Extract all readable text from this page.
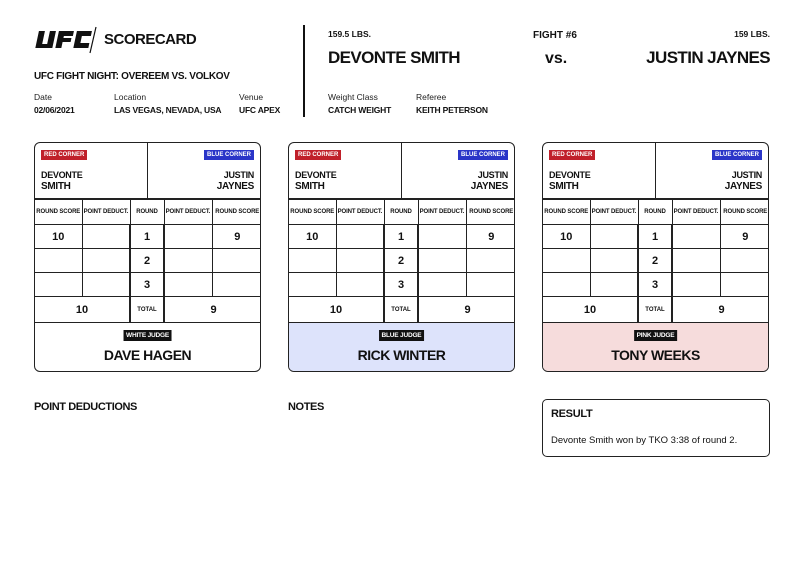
SCORECARD
UFC FIGHT NIGHT: OVEREEM VS. VOLKOV
Date
02/06/2021
Location
LAS VEGAS, NEVADA, USA
Venue
UFC APEX
159.5 LBS.
DEVONTE SMITH
FIGHT #6
vs.
159 LBS.
JUSTIN JAYNES
Weight Class
CATCH WEIGHT
Referee
KEITH PETERSON
RED CORNER
DEVONTE
SMITH
BLUE CORNER
JUSTIN
JAYNES
ROUND SCORE	POINT DEDUCT.	ROUND	POINT DEDUCT.	ROUND SCORE
10		1		9
		2		
		3		
10		TOTAL	9	
WHITE JUDGE
DAVE HAGEN
RED CORNER
DEVONTE
SMITH
BLUE CORNER
JUSTIN
JAYNES
ROUND SCORE	POINT DEDUCT.	ROUND	POINT DEDUCT.	ROUND SCORE
10		1		9
		2		
		3		
10		TOTAL	9	
BLUE JUDGE
RICK WINTER
RED CORNER
DEVONTE
SMITH
BLUE CORNER
JUSTIN
JAYNES
ROUND SCORE	POINT DEDUCT.	ROUND	POINT DEDUCT.	ROUND SCORE
10		1		9
		2		
		3		
10		TOTAL	9	
PINK JUDGE
TONY WEEKS
POINT DEDUCTIONS	NOTES
RESULT
Devonte Smith won by TKO 3:38 of round 2.
